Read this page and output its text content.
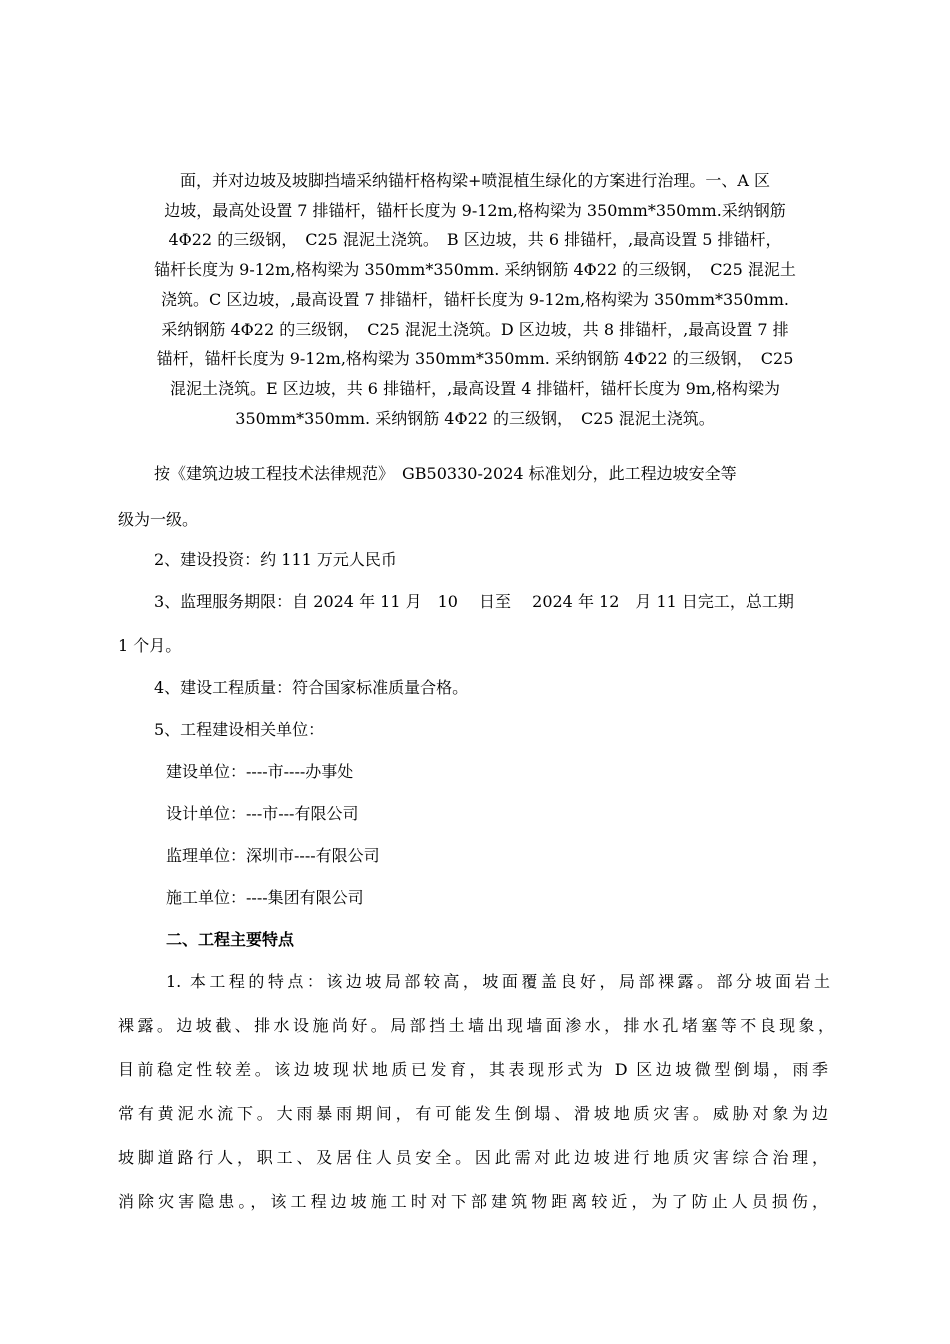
面，并对边坡及坡脚挡墙采纳锚杆格构梁+喷混植生绿化的方案进行治理。一、A 区
边坡，最高处设置 7 排锚杆，锚杆长度为 9-12m,格构梁为 350mm*350mm.采纳钢筋
4Φ22 的三级钢，　C25 混泥土浇筑。　B 区边坡，共 6 排锚杆，,最高设置 5 排锚杆，
锚杆长度为 9-12m,格构梁为 350mm*350mm. 采纳钢筋 4Φ22 的三级钢，　C25 混泥土
浇筑。C 区边坡，,最高设置 7 排锚杆，锚杆长度为 9-12m,格构梁为 350mm*350mm.
采纳钢筋 4Φ22 的三级钢，　C25 混泥土浇筑。D 区边坡，共 8 排锚杆，,最高设置 7 排
锚杆，锚杆长度为 9-12m,格构梁为 350mm*350mm. 采纳钢筋 4Φ22 的三级钢，　C25
混泥土浇筑。E 区边坡，共 6 排锚杆，,最高设置 4 排锚杆，锚杆长度为 9m,格构梁为
350mm*350mm. 采纳钢筋 4Φ22 的三级钢，　C25 混泥土浇筑。
按《建筑边坡工程技术法律规范》　GB50330-2024 标准划分，此工程边坡安全等
级为一级。
2、建设投资：约 111 万元人民币
3、监理服务期限：自 2024 年 11 月　10　 日至　 2024 年 12　月 11 日完工，总工期
1 个月。
4、建设工程质量：符合国家标准质量合格。
5、工程建设相关单位：
建设单位：----市----办事处
设计单位：---市---有限公司
监理单位：深圳市----有限公司
施工单位：----集团有限公司
二、工程主要特点
1. 本工程的特点：该边坡局部较高，坡面覆盖良好，局部裸露。部分坡面岩土
裸露。边坡截、排水设施尚好。局部挡土墙出现墙面渗水，排水孔堵塞等不良现象，
目前稳定性较差。该边坡现状地质已发育，其表现形式为 D 区边坡微型倒塌，雨季
常有黄泥水流下。大雨暴雨期间，有可能发生倒塌、滑坡地质灾害。威胁对象为边
坡脚道路行人，职工、及居住人员安全。因此需对此边坡进行地质灾害综合治理，
消除灾害隐患。，该工程边坡施工时对下部建筑物距离较近，为了防止人员损伤，
